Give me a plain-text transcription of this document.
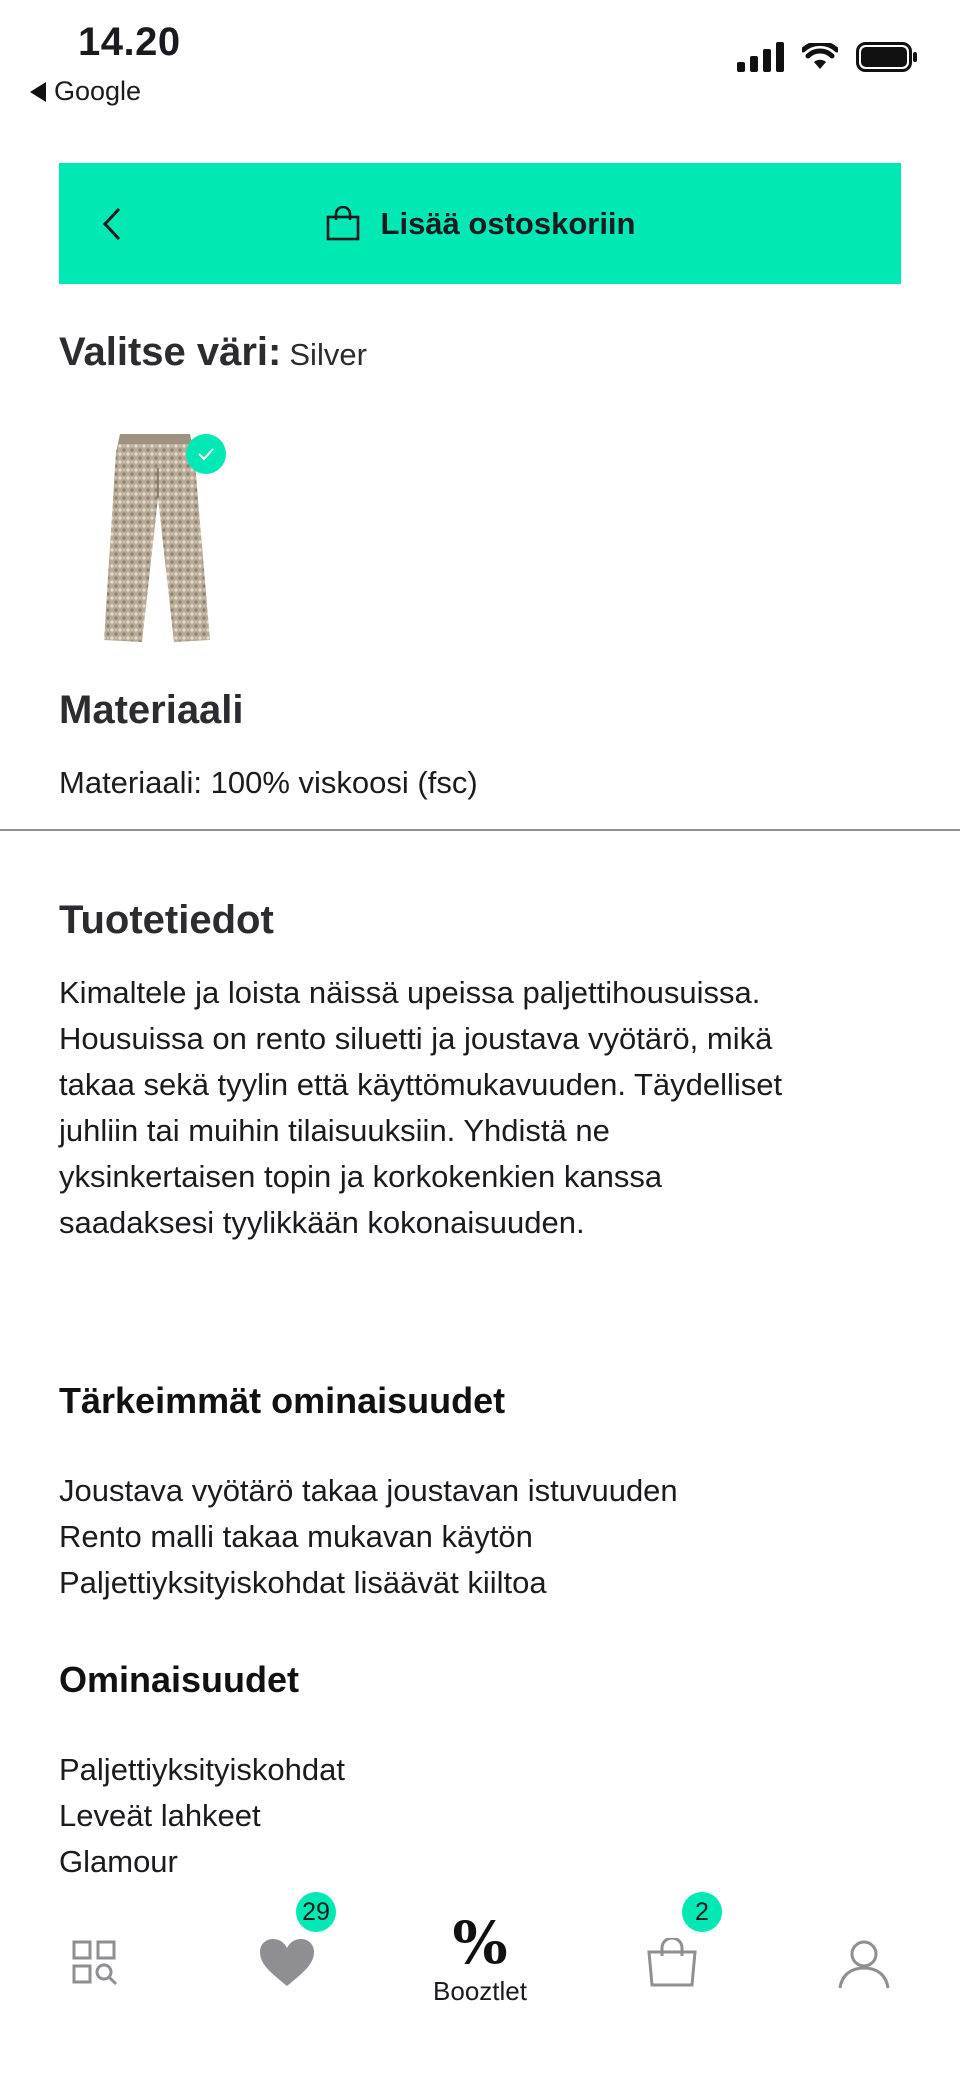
14.20
Google
Lisää ostoskoriin
Valitse väri: Silver
Materiaali
Materiaali: 100% viskoosi (fsc)
Tuotetiedot
Kimaltele ja loista näissä upeissa paljettihousuissa.
Housuissa on rento siluetti ja joustava vyötärö, mikä
takaa sekä tyylin että käyttömukavuuden. Täydelliset
juhliin tai muihin tilaisuuksiin. Yhdistä ne
yksinkertaisen topin ja korkokenkien kanssa
saadaksesi tyylikkään kokonaisuuden.
Tärkeimmät ominaisuudet
Joustava vyötärö takaa joustavan istuvuuden
Rento malli takaa mukavan käytön
Paljettiyksityiskohdat lisäävät kiiltoa
Ominaisuudet
Paljettiyksityiskohdat
Leveät lahkeet
Glamour
29 %
Booztlet
2
